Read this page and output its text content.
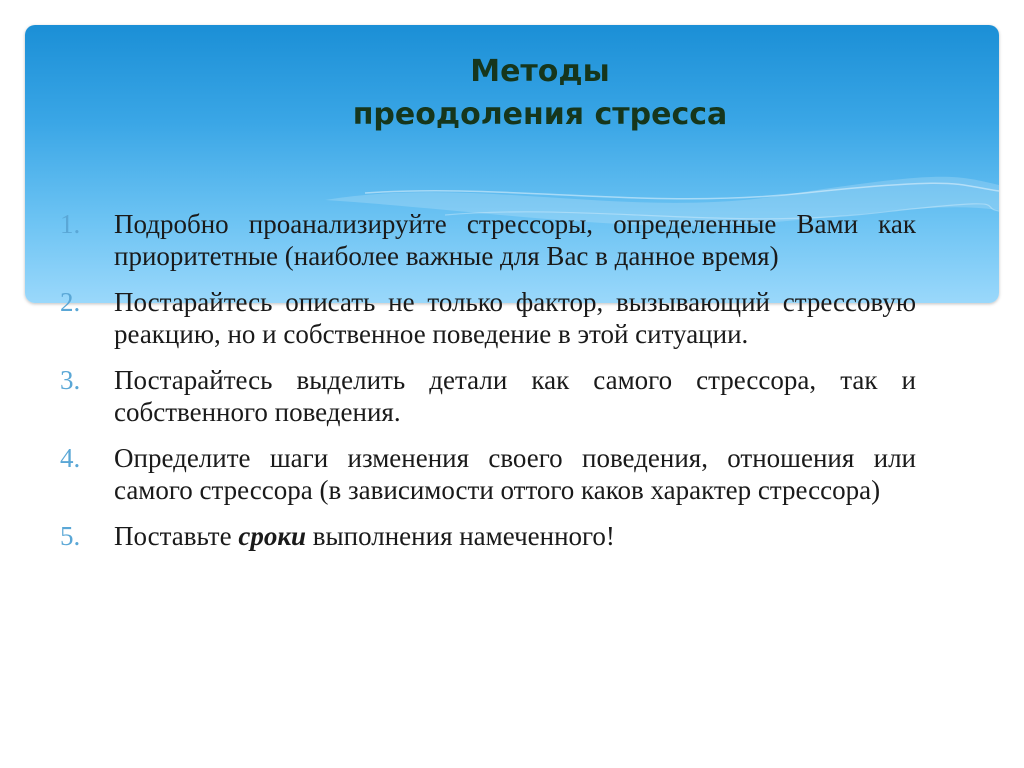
Методы
преодоления стресса
1. Подробно проанализируйте стрессоры, определенные Вами как приоритетные (наиболее важные для Вас в данное время)
2. Постарайтесь описать не только фактор, вызывающий стрессовую реакцию, но и собственное поведение в этой ситуации.
3. Постарайтесь выделить детали как самого стрессора, так и собственного поведения.
4. Определите шаги изменения своего поведения, отношения или самого стрессора (в зависимости оттого каков характер стрессора)
5. Поставьте сроки выполнения намеченного!
